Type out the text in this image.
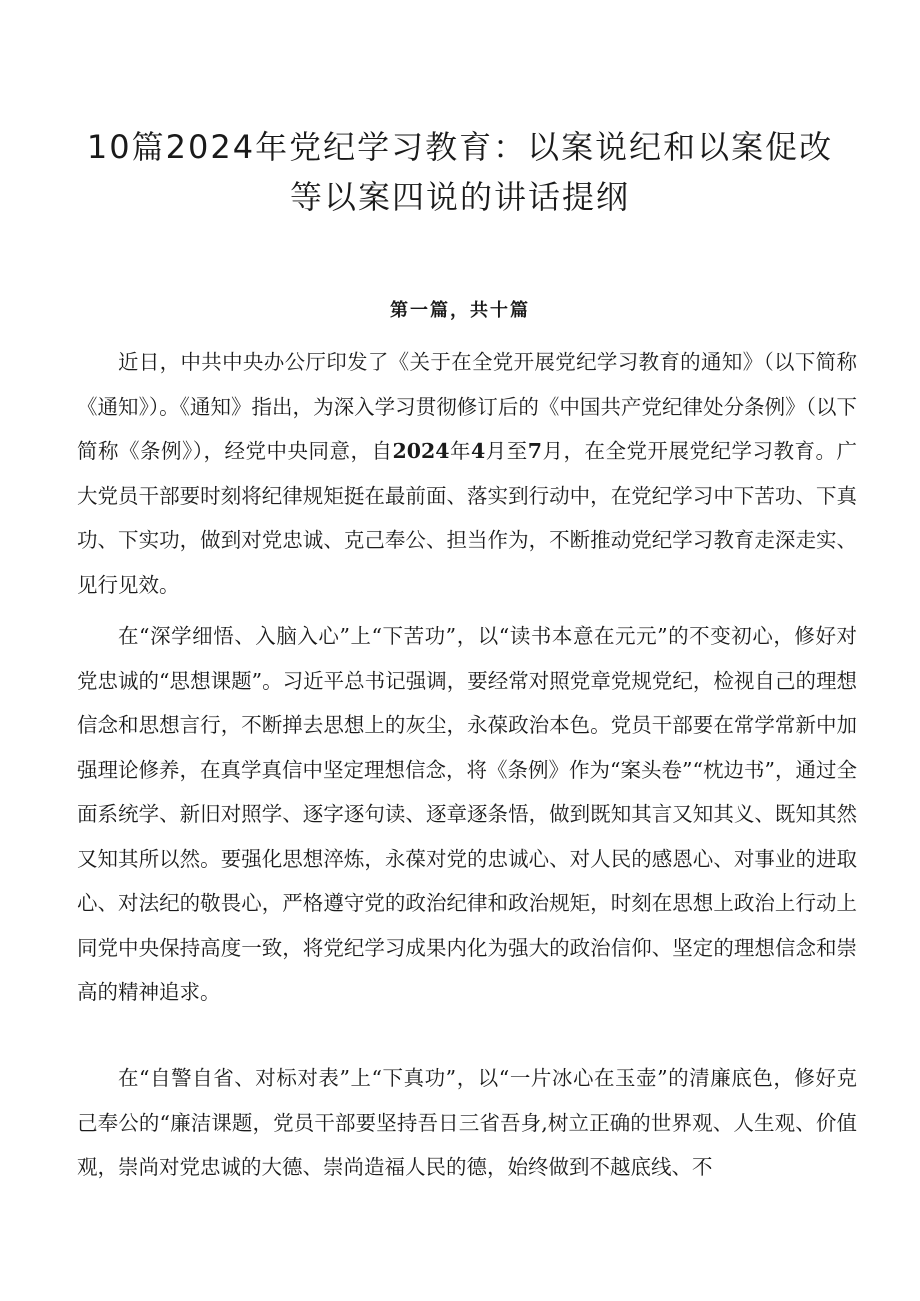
10篇2024年党纪学习教育：以案说纪和以案促改
等以案四说的讲话提纲
第一篇，共十篇

近日，中共中央办公厅印发了《关于在全党开展党纪学习教育的通知》（以下简称《通知》）。《通知》指出，为深入学习贯彻修订后的《中国共产党纪律处分条例》（以下简称《条例》），经党中央同意，自2024年4月至7月，在全党开展党纪学习教育。广大党员干部要时刻将纪律规矩挺在最前面、落实到行动中，在党纪学习中下苦功、下真功、下实功，做到对党忠诚、克己奉公、担当作为，不断推动党纪学习教育走深走实、见行见效。

在“深学细悟、入脑入心”上“下苦功”，以“读书本意在元元”的不变初心，修好对党忠诚的“思想课题”。习近平总书记强调，要经常对照党章党规党纪，检视自己的理想信念和思想言行，不断掸去思想上的灰尘，永葆政治本色。党员干部要在常学常新中加强理论修养，在真学真信中坚定理想信念，将《条例》作为“案头卷”“枕边书”，通过全面系统学、新旧对照学、逐字逐句读、逐章逐条悟，做到既知其言又知其义、既知其然又知其所以然。要强化思想淬炼，永葆对党的忠诚心、对人民的感恩心、对事业的进取心、对法纪的敬畏心，严格遵守党的政治纪律和政治规矩，时刻在思想上政治上行动上同党中央保持高度一致，将党纪学习成果内化为强大的政治信仰、坚定的理想信念和崇高的精神追求。

在“自警自省、对标对表”上“下真功”，以“一片冰心在玉壶”的清廉底色，修好克己奉公的“廉洁课题，党员干部要坚持吾日三省吾身,树立正确的世界观、人生观、价值观，崇尚对党忠诚的大德、崇尚造福人民的德，始终做到不越底线、不
